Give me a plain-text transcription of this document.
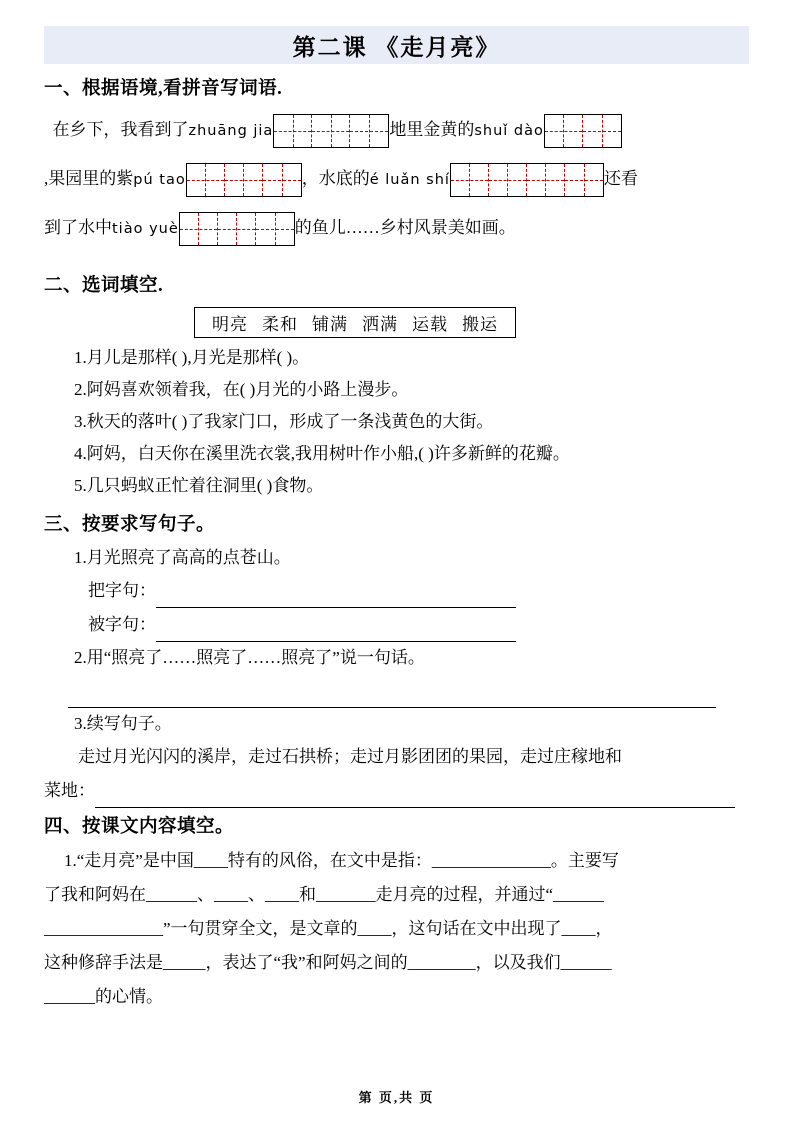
第二课 《走月亮》
一、根据语境,看拼音写词语.
在乡下，我看到了zhuāng jia	地里金黄的shuǐ dào
,果园里的紫pú tao	，水底的é luǎn shí	还看
到了水中tiào yuè	的鱼儿……乡村风景美如画。
二、选词填空.
明亮 柔和 铺满 洒满 运载 搬运
1.月儿是那样( ),月光是那样( )。
2.阿妈喜欢领着我，在( )月光的小路上漫步。
3.秋天的落叶( )了我家门口，形成了一条浅黄色的大街。
4.阿妈，白天你在溪里洗衣裳,我用树叶作小船,( )许多新鲜的花瓣。
5.几只蚂蚁正忙着往洞里( )食物。
三、按要求写句子。
1.月光照亮了高高的点苍山。
把字句：
被字句：
2.用“照亮了……照亮了……照亮了”说一句话。
3.续写句子。
走过月光闪闪的溪岸，走过石拱桥；走过月影团团的果园，走过庄稼地和
菜地：
四、按课文内容填空。
1.“走月亮”是中国____特有的风俗，在文中是指：______________。主要写
了我和阿妈在______、____、____和_______走月亮的过程，并通过“______
______________”一句贯穿全文，是文章的____，这句话在文中出现了____，
这种修辞手法是_____，表达了“我”和阿妈之间的________，以及我们______
______的心情。
第 页,共 页
